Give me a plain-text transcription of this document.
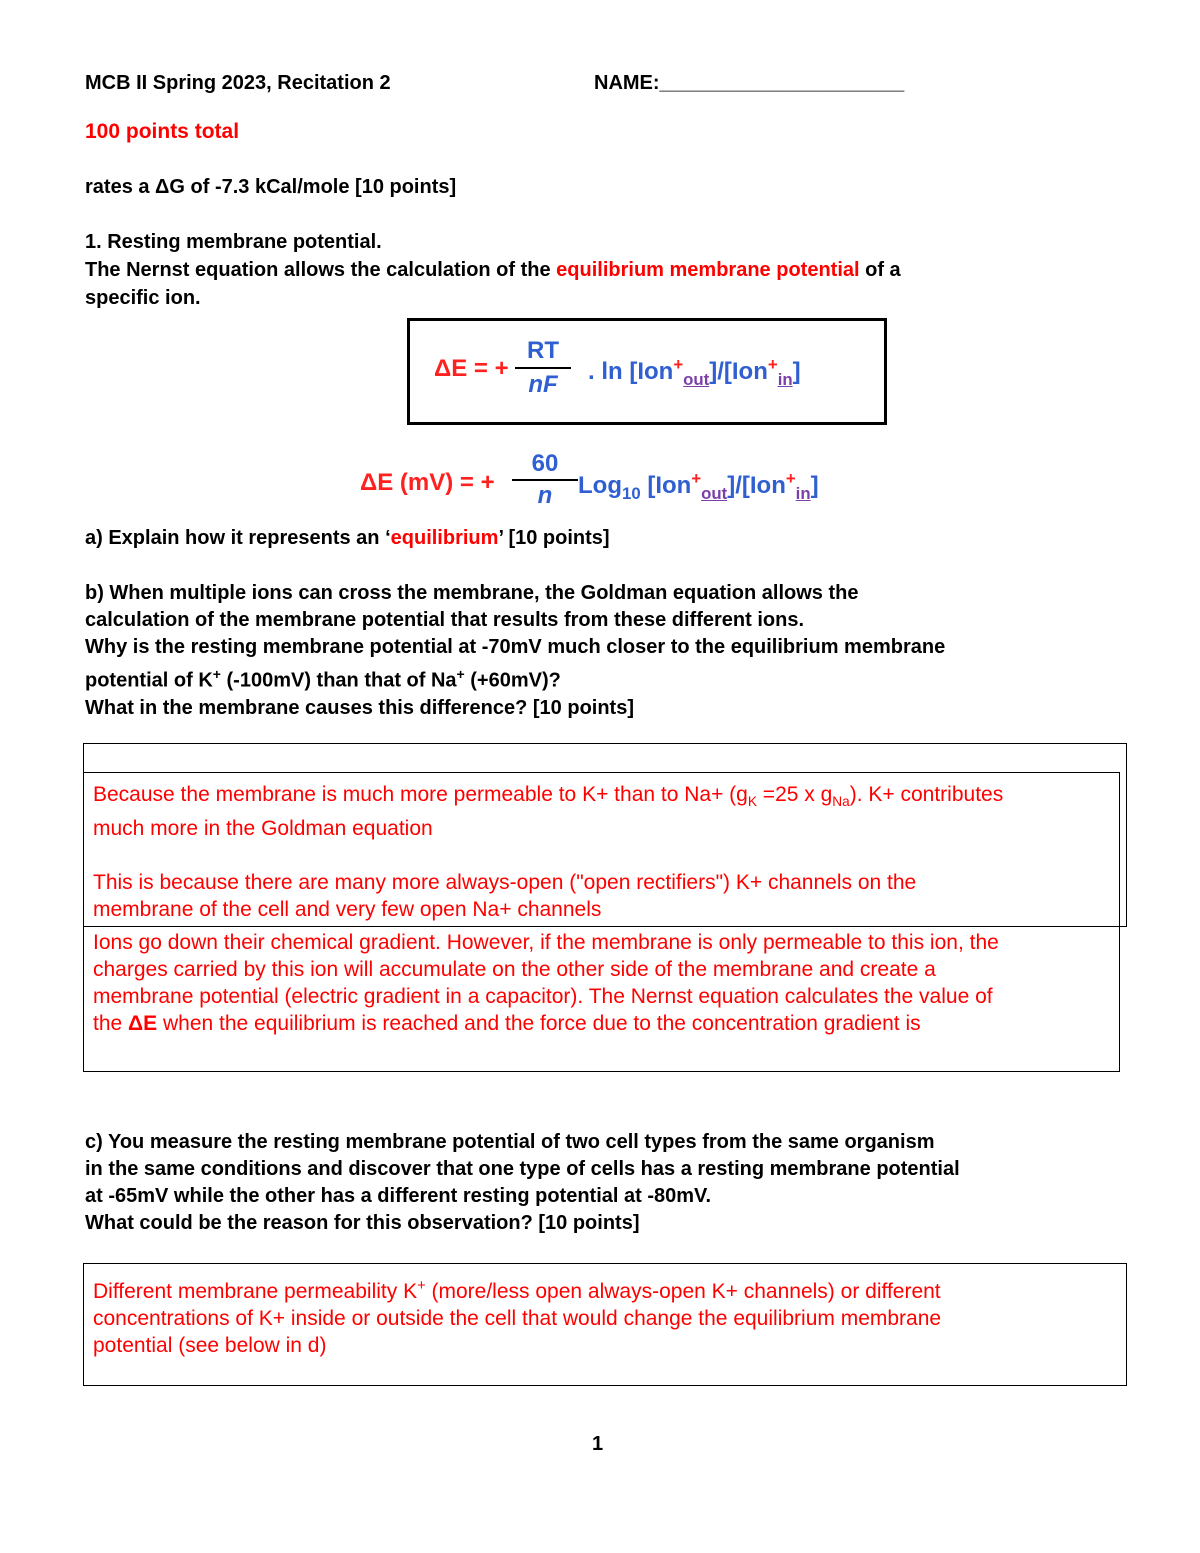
MCB II Spring 2023, Recitation 2	NAME:______________________
100 points total
rates a ΔG of -7.3 kCal/mole [10 points]
1. Resting membrane potential.
The Nernst equation allows the calculation of the equilibrium membrane potential of a
specific ion.
ΔE = +
RT
nF	. ln [Ion+$_{out}$]/[Ion+$_{in}$]
ΔE (mV) = +
60
n	Log$_{10}$ [Ion+$_{out}$]/[Ion+$_{in}$]
a) Explain how it represents an ‘equilibrium’ [10 points]
b) When multiple ions can cross the membrane, the Goldman equation allows the
calculation of the membrane potential that results from these different ions.
Why is the resting membrane potential at -70mV much closer to the equilibrium membrane
potential of K+ (-100mV) than that of Na+ (+60mV)?
What in the membrane causes this difference? [10 points]
Because the membrane is much more permeable to K+ than to $Na+ (g_K =25$ x $g_{Na}$). K+ contributes
much more in the Goldman equation
This is because there are many more always-open ("open rectifiers") K+ channels on the
membrane of the cell and very few open Na+ channels
Ions go down their chemical gradient. However, if the membrane is only permeable to this ion, the
charges carried by this ion will accumulate on the other side of the membrane and create a
membrane potential (electric gradient in a capacitor). The Nernst equation calculates the value of
the ΔE when the equilibrium is reached and the force due to the concentration gradient is
c) You measure the resting membrane potential of two cell types from the same organism
in the same conditions and discover that one type of cells has a resting membrane potential
at -65mV while the other has a different resting potential at -80mV.
What could be the reason for this observation? [10 points]
Different membrane permeability K+ (more/less open always-open K+ channels) or different
concentrations of K+ inside or outside the cell that would change the equilibrium membrane
potential (see below in d)
1
